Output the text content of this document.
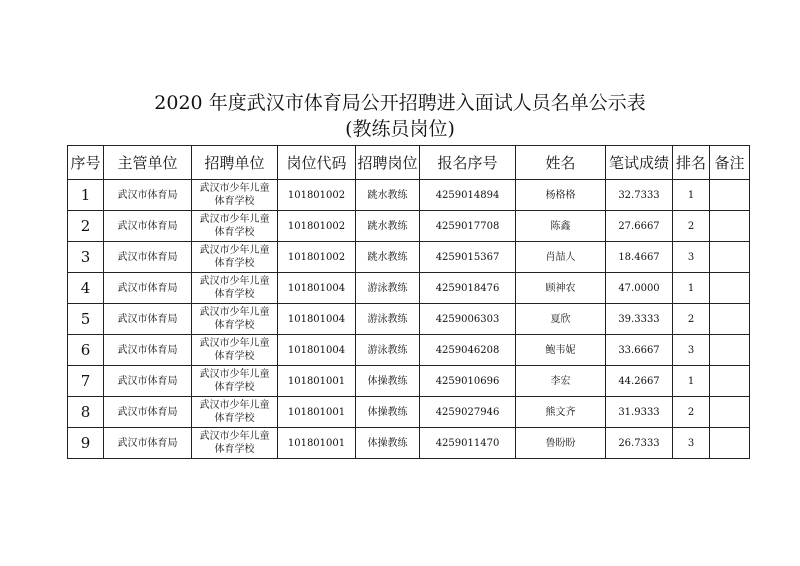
2020 年度武汉市体育局公开招聘进入面试人员名单公示表
(教练员岗位)
序号	主管单位	招聘单位	岗位代码	招聘岗位	报名序号	姓名	笔试成绩	排名	备注
1	武汉市体育局	武汉市少年儿童
体育学校	101801002	跳水教练	4259014894	杨格格	32.7333	1	
2	武汉市体育局	武汉市少年儿童
体育学校	101801002	跳水教练	4259017708	陈鑫	27.6667	2	
3	武汉市体育局	武汉市少年儿童
体育学校	101801002	跳水教练	4259015367	肖喆人	18.4667	3	
4	武汉市体育局	武汉市少年儿童
体育学校	101801004	游泳教练	4259018476	顾神农	47.0000	1	
5	武汉市体育局	武汉市少年儿童
体育学校	101801004	游泳教练	4259006303	夏欣	39.3333	2	
6	武汉市体育局	武汉市少年儿童
体育学校	101801004	游泳教练	4259046208	鲍韦妮	33.6667	3	
7	武汉市体育局	武汉市少年儿童
体育学校	101801001	体操教练	4259010696	李宏	44.2667	1	
8	武汉市体育局	武汉市少年儿童
体育学校	101801001	体操教练	4259027946	熊文齐	31.9333	2	
9	武汉市体育局	武汉市少年儿童
体育学校	101801001	体操教练	4259011470	鲁盼盼	26.7333	3	
